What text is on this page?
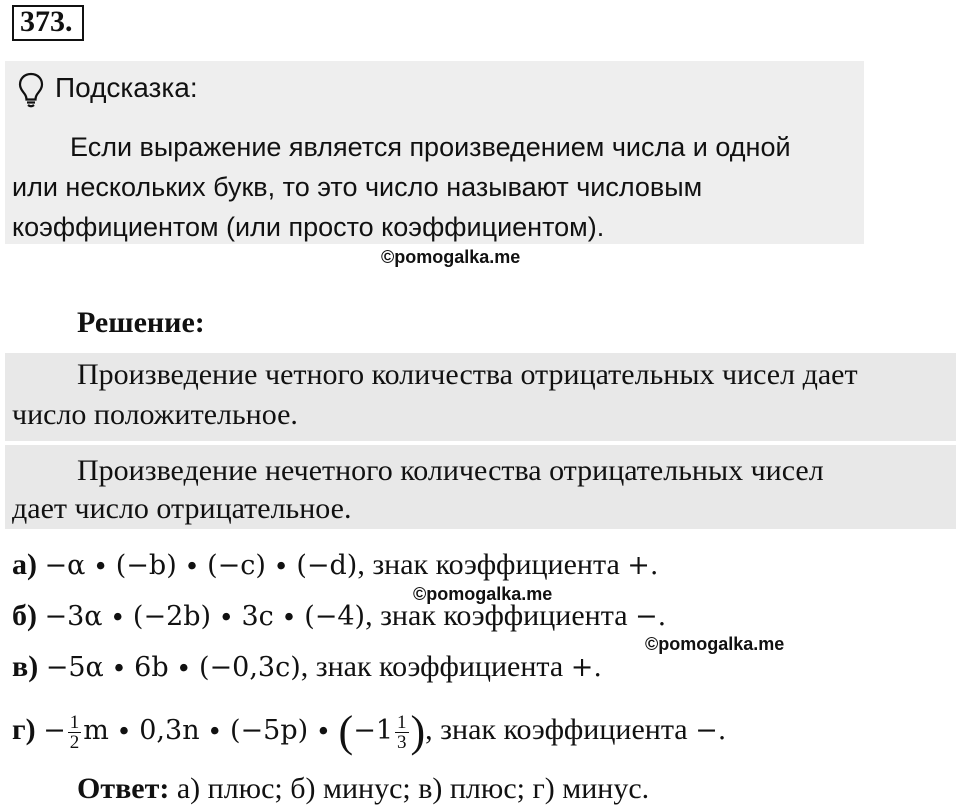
373.
Подсказка:
Если выражение является произведением числа и одной
или нескольких букв, то это число называют числовым
коэффициентом (или просто коэффициентом).
©pomogalka.me
Решение:
Произведение четного количества отрицательных чисел дает
число положительное.
Произведение нечетного количества отрицательных чисел
дает число отрицательное.
а) −α ∙ (−b) ∙ (−c) ∙ (−d), знак коэффициента +.
©pomogalka.me
б) −3α ∙ (−2b) ∙ 3c ∙ (−4), знак коэффициента −.
©pomogalka.me
в) −5α ∙ 6b ∙ (−0,3c), знак коэффициента +.
$г) - \frac{1}{2}$ $m \cdot 0,3n \cdot (-5p) \cdot (-1 \frac{1}{3}$ ), знак коэффициента −.
Ответ: а) плюс; б) минус; в) плюс; г) минус.
